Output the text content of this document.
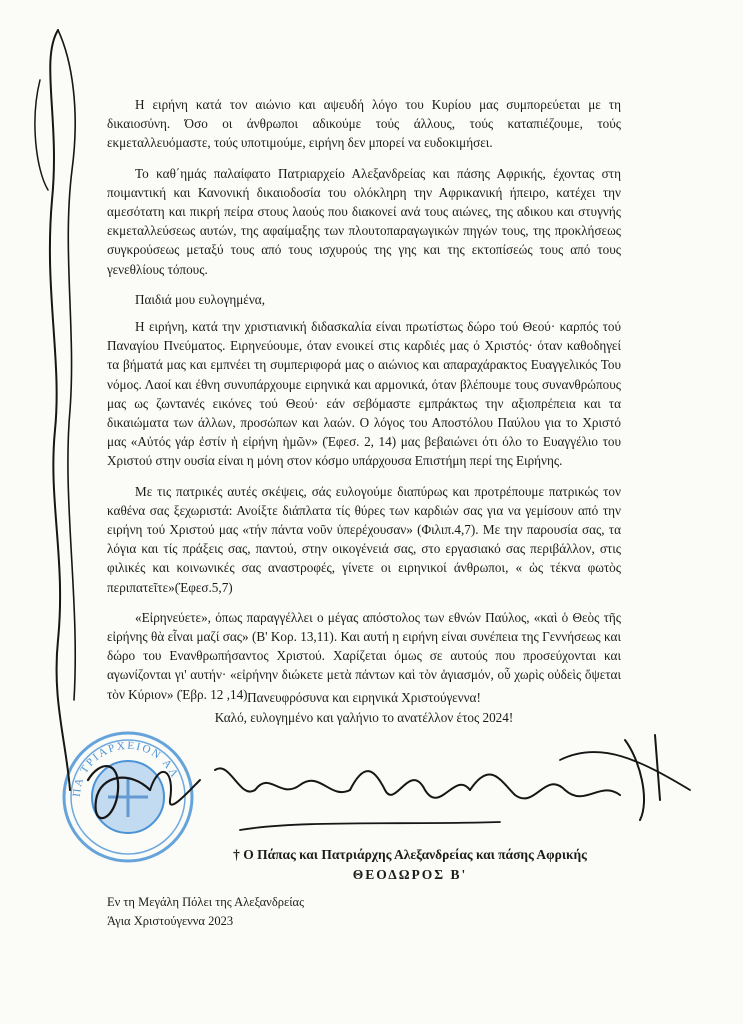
Η ειρήνη κατά τον αιώνιο και αψευδή λόγο του Κυρίου μας συμπορεύεται με τη δικαιοσύνη. Όσο οι άνθρωποι αδικούμε τούς άλλους, τούς καταπιέζουμε, τούς εκμεταλλευόμαστε, τούς υποτιμούμε, ειρήνη δεν μπορεί να ευδοκιμήσει.

Το καθ΄ημάς παλαίφατο Πατριαρχείο Αλεξανδρείας και πάσης Αφρικής, έχοντας στη ποιμαντική και Κανονική δικαιοδοσία του ολόκληρη την Αφρικανική ήπειρο, κατέχει την αμεσότατη και πικρή πείρα στους λαούς που διακονεί ανά τους αιώνες, της αδικου και στυγνής εκμεταλλεύσεως αυτών, της αφαίμαξης των πλουτοπαραγωγικών πηγών τους, της προκλήσεως συγκρούσεως μεταξύ τους από τους ισχυρούς της γης και της εκτοπίσεώς τους από τους γενεθλίους τόπους.

Παιδιά μου ευλογημένα,

Η ειρήνη, κατά την χριστιανική διδασκαλία είναι πρωτίστως δώρο τού Θεού· καρπός τού Παναγίου Πνεύματος. Ειρηνεύουμε, όταν ενοικεί στις καρδιές μας ό Χριστός· όταν καθοδηγεί τα βήματά μας και εμπνέει τη συμπεριφορά μας ο αιώνιος και απαραχάρακτος Ευαγγελικός Του νόμος. Λαοί και έθνη συνυπάρχουμε ειρηνικά και αρμονικά, όταν βλέπουμε τους συνανθρώπους μας ως ζωντανές εικόνες τού Θεού· εάν σεβόμαστε εμπράκτως την αξιοπρέπεια και τα δικαιώματα των άλλων, προσώπων και λαών. Ο λόγος του Αποστόλου Παύλου για το Χριστό μας «Αὐτός γάρ ἐστίν ἡ εἰρήνη ἡμῶν» (Έφεσ. 2, 14) μας βεβαιώνει ότι όλο το Ευαγγέλιο του Χριστού στην ουσία είναι η μόνη στον κόσμο υπάρχουσα Επιστήμη περί της Ειρήνης.

Με τις πατρικές αυτές σκέψεις, σάς ευλογούμε διαπύρως και προτρέπουμε πατρικώς τον καθένα σας ξεχωριστά: Ανοίξτε διάπλατα τίς θύρες των καρδιών σας για να γεμίσουν από την ειρήνη τού Χριστού μας «τήν πάντα νοῦν ὑπερέχουσαν» (Φιλιπ.4,7). Με την παρουσία σας, τα λόγια και τίς πράξεις σας, παντού, στην οικογένειά σας, στο εργασιακό σας περιβάλλον, στις φιλικές και κοινωνικές σας αναστροφές, γίνετε οι ειρηνικοί άνθρωποι, « ὡς τέκνα φωτὸς περιπατεῖτε»(Έφεσ.5,7)

«Εἰρηνεύετε», όπως παραγγέλλει ο μέγας απόστολος των εθνών Παύλος, «καὶ ὁ Θεὸς τῆς εἰρήνης θὰ εἶναι μαζί σας» (Β' Κορ. 13,11). Και αυτή η ειρήνη είναι συνέπεια της Γεννήσεως και δώρο του Ενανθρωπήσαντος Χριστού. Χαρίζεται όμως σε αυτούς που προσεύχονται και αγωνίζονται γι' αυτήν· «εἰρήνην διώκετε μετὰ πάντων καὶ τὸν ἁγιασμόν, οὗ χωρὶς οὐδεὶς ὄψεται τὸν Κύριον» (Έβρ. 12 ,14).

Πανευφρόσυνα και ειρηνικά Χριστούγεννα!
Καλό, ευλογημένο και γαλήνιο το ανατέλλον έτος 2024!
ΠΑ ΤΡΙΑΡΧΕΙΟΝ ΑΛ
† Ο Πάπας και Πατριάρχης Αλεξανδρείας και πάσης Αφρικής
ΘΕΟΔΩΡΟΣ Β'
Εν τη Μεγάλη Πόλει της Αλεξανδρείας
Άγια Χριστούγεννα 2023
